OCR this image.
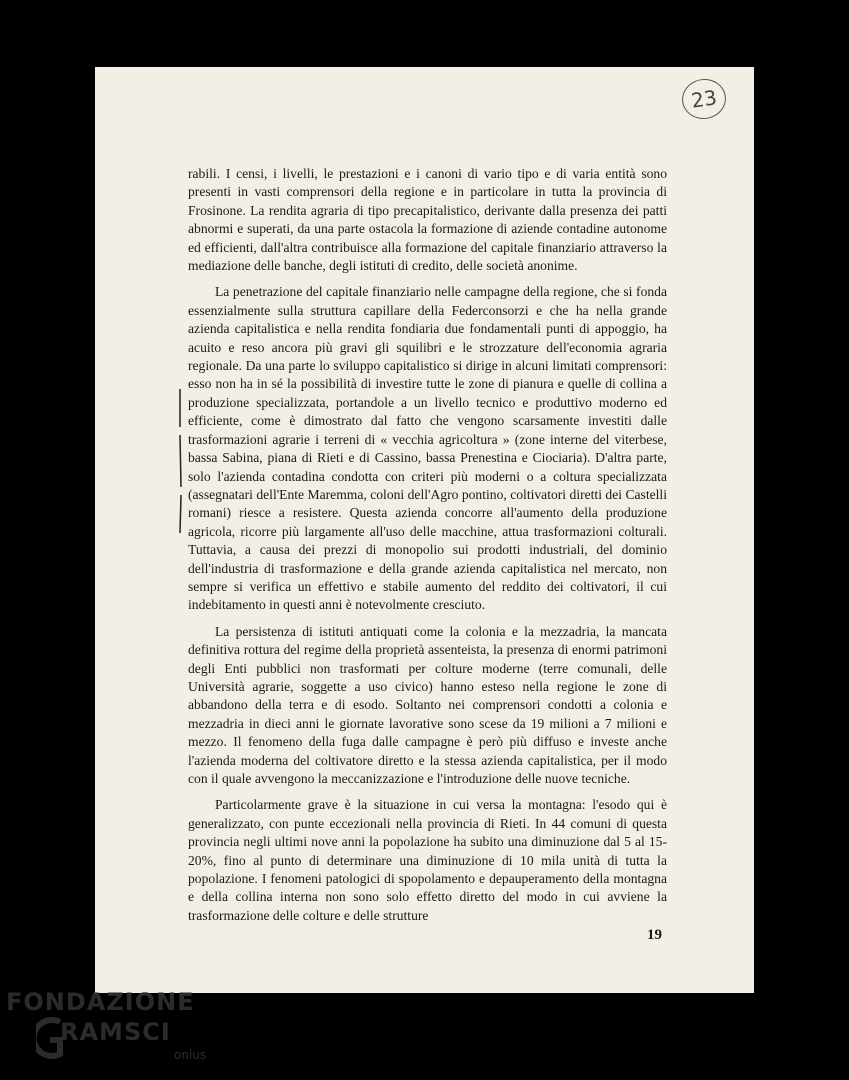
23

rabili. I censi, i livelli, le prestazioni e i canoni di vario tipo e di varia entità sono presenti in vasti comprensori della regione e in particolare in tutta la provincia di Frosinone. La rendita agraria di tipo precapitalistico, derivante dalla presenza dei patti abnormi e superati, da una parte ostacola la formazione di aziende contadine autonome ed efficienti, dall'altra contribuisce alla formazione del capitale finanziario attraverso la mediazione delle banche, degli istituti di credito, delle società anonime.

La penetrazione del capitale finanziario nelle campagne della regione, che si fonda essenzialmente sulla struttura capillare della Federconsorzi e che ha nella grande azienda capitalistica e nella rendita fondiaria due fondamentali punti di appoggio, ha acuito e reso ancora più gravi gli squilibri e le strozzature dell'economia agraria regionale. Da una parte lo sviluppo capitalistico si dirige in alcuni limitati comprensori: esso non ha in sé la possibilità di investire tutte le zone di pianura e quelle di collina a produzione specializzata, portandole a un livello tecnico e produttivo moderno ed efficiente, come è dimostrato dal fatto che vengono scarsamente investiti dalle trasformazioni agrarie i terreni di « vecchia agricoltura » (zone interne del viterbese, bassa Sabina, piana di Rieti e di Cassino, bassa Prenestina e Ciociaria). D'altra parte, solo l'azienda contadina condotta con criteri più moderni o a coltura specializzata (assegnatari dell'Ente Maremma, coloni dell'Agro pontino, coltivatori diretti dei Castelli romani) riesce a resistere. Questa azienda concorre all'aumento della produzione agricola, ricorre più largamente all'uso delle macchine, attua trasformazioni colturali. Tuttavia, a causa dei prezzi di monopolio sui prodotti industriali, del dominio dell'industria di trasformazione e della grande azienda capitalistica nel mercato, non sempre si verifica un effettivo e stabile aumento del reddito dei coltivatori, il cui indebitamento in questi anni è notevolmente cresciuto.

La persistenza di istituti antiquati come la colonia e la mezzadria, la mancata definitiva rottura del regime della proprietà assenteista, la presenza di enormi patrimoni degli Enti pubblici non trasformati per colture moderne (terre comunali, delle Università agrarie, soggette a uso civico) hanno esteso nella regione le zone di abbandono della terra e di esodo. Soltanto nei comprensori condotti a colonia e mezzadria in dieci anni le giornate lavorative sono scese da 19 milioni a 7 milioni e mezzo. Il fenomeno della fuga dalle campagne è però più diffuso e investe anche l'azienda moderna del coltivatore diretto e la stessa azienda capitalistica, per il modo con il quale avvengono la meccanizzazione e l'introduzione delle nuove tecniche.

Particolarmente grave è la situazione in cui versa la montagna: l'esodo qui è generalizzato, con punte eccezionali nella provincia di Rieti. In 44 comuni di questa provincia negli ultimi nove anni la popolazione ha subito una diminuzione dal 5 al 15-20%, fino al punto di determinare una diminuzione di 10 mila unità di tutta la popolazione. I fenomeni patologici di spopolamento e depauperamento della montagna e della collina interna non sono solo effetto diretto del modo in cui avviene la trasformazione delle colture e delle strutture

19
FONDAZIONE
RAMSCI
onlus
